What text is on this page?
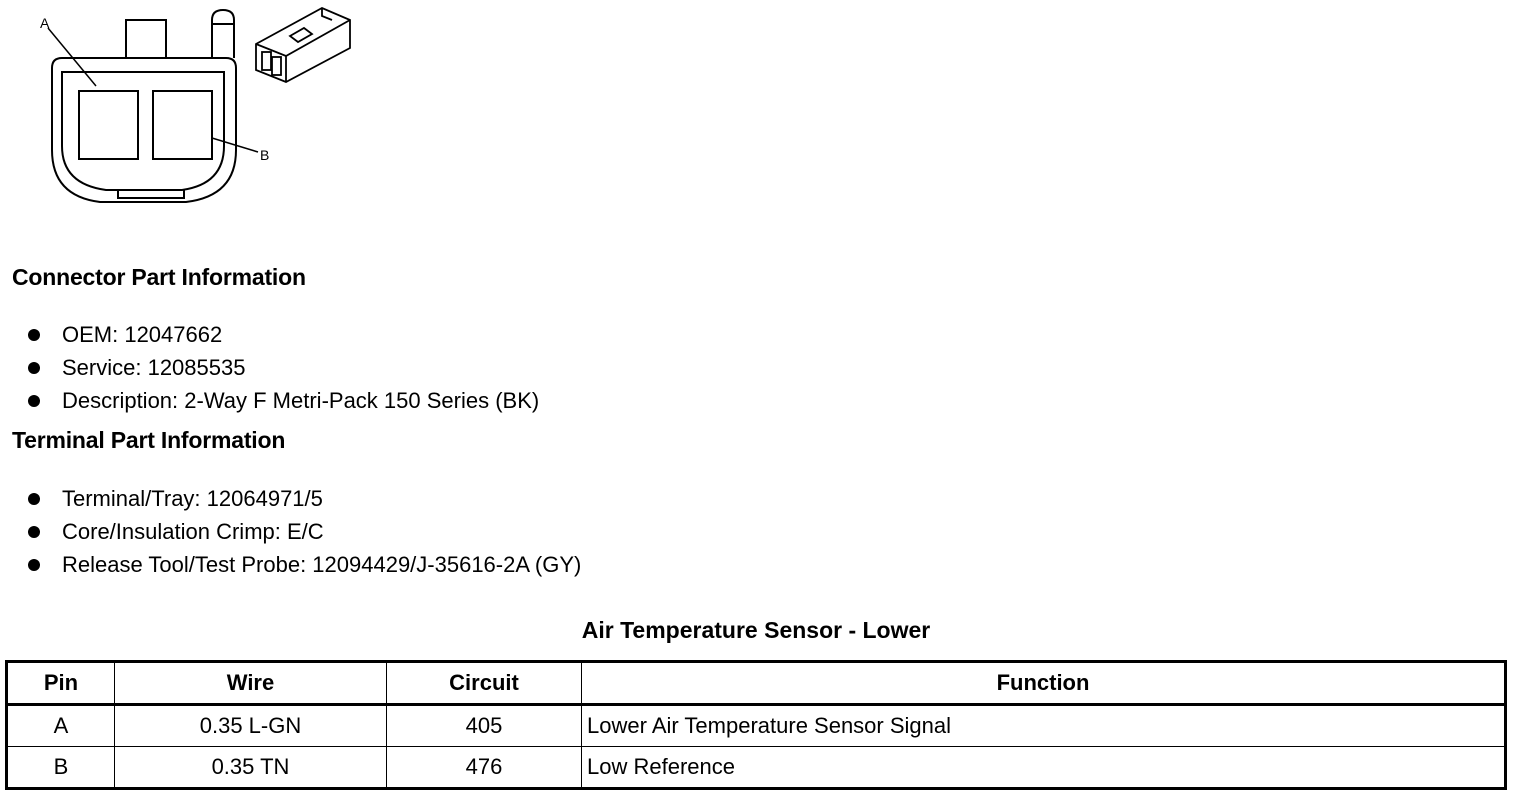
A
B
Connector Part Information
OEM: 12047662
Service: 12085535
Description: 2-Way F Metri-Pack 150 Series (BK)
Terminal Part Information
Terminal/Tray: 12064971/5
Core/Insulation Crimp: E/C
Release Tool/Test Probe: 12094429/J-35616-2A (GY)
Air Temperature Sensor - Lower
Pin	Wire	Circuit	Function
A	0.35 L-GN	405	Lower Air Temperature Sensor Signal
B	0.35 TN	476	Low Reference
